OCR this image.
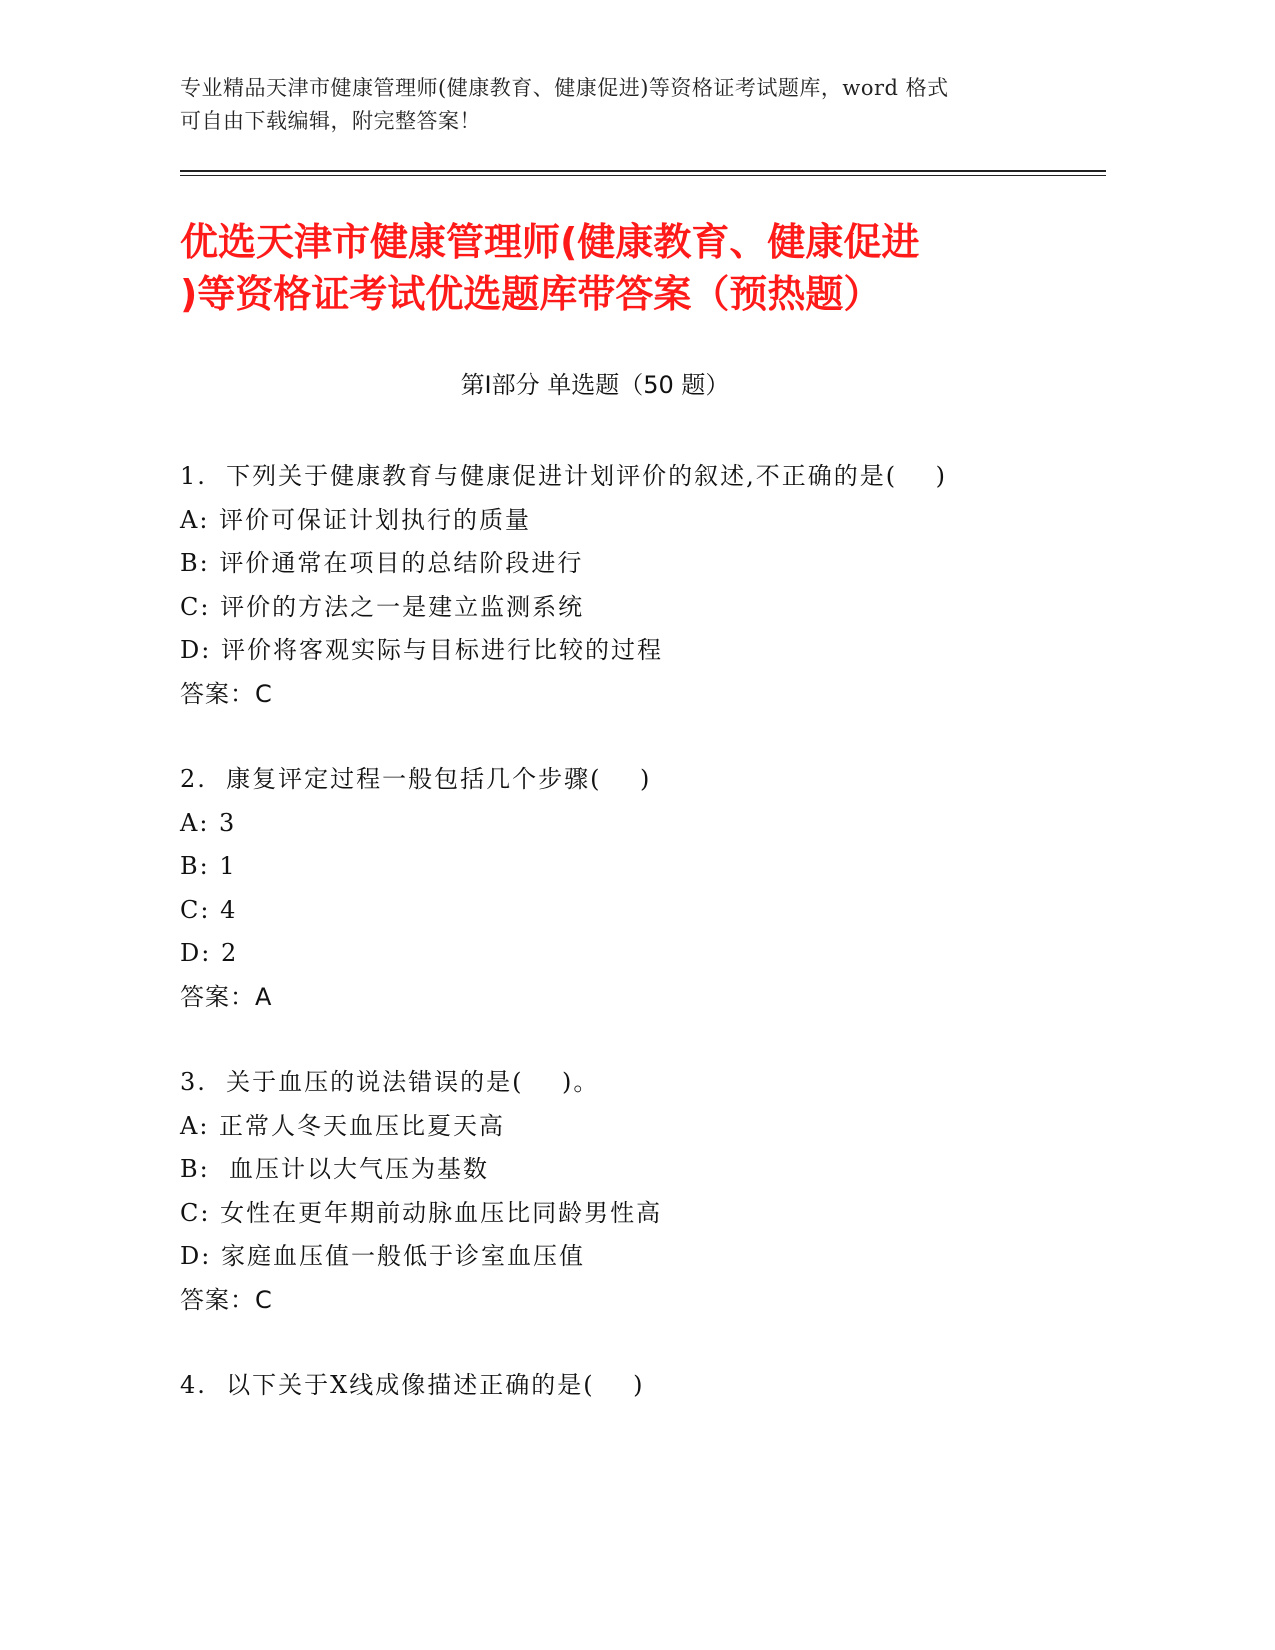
专业精品天津市健康管理师(健康教育、健康促进)等资格证考试题库，word 格式
可自由下载编辑，附完整答案！
优选天津市健康管理师(健康教育、健康促进
)等资格证考试优选题库带答案（预热题）
第Ⅰ部分 单选题（50 题）
1.  下列关于健康教育与健康促进计划评价的叙述,不正确的是(    )
A: 评价可保证计划执行的质量
B: 评价通常在项目的总结阶段进行
C: 评价的方法之一是建立监测系统
D: 评价将客观实际与目标进行比较的过程
答案：C
2.  康复评定过程一般包括几个步骤(    )
A: 3
B: 1
C: 4
D: 2
答案：A
3.  关于血压的说法错误的是(    )。
A: 正常人冬天血压比夏天高
B:  血压计以大气压为基数
C: 女性在更年期前动脉血压比同龄男性高
D: 家庭血压值一般低于诊室血压值
答案：C
4.  以下关于X线成像描述正确的是(    )
